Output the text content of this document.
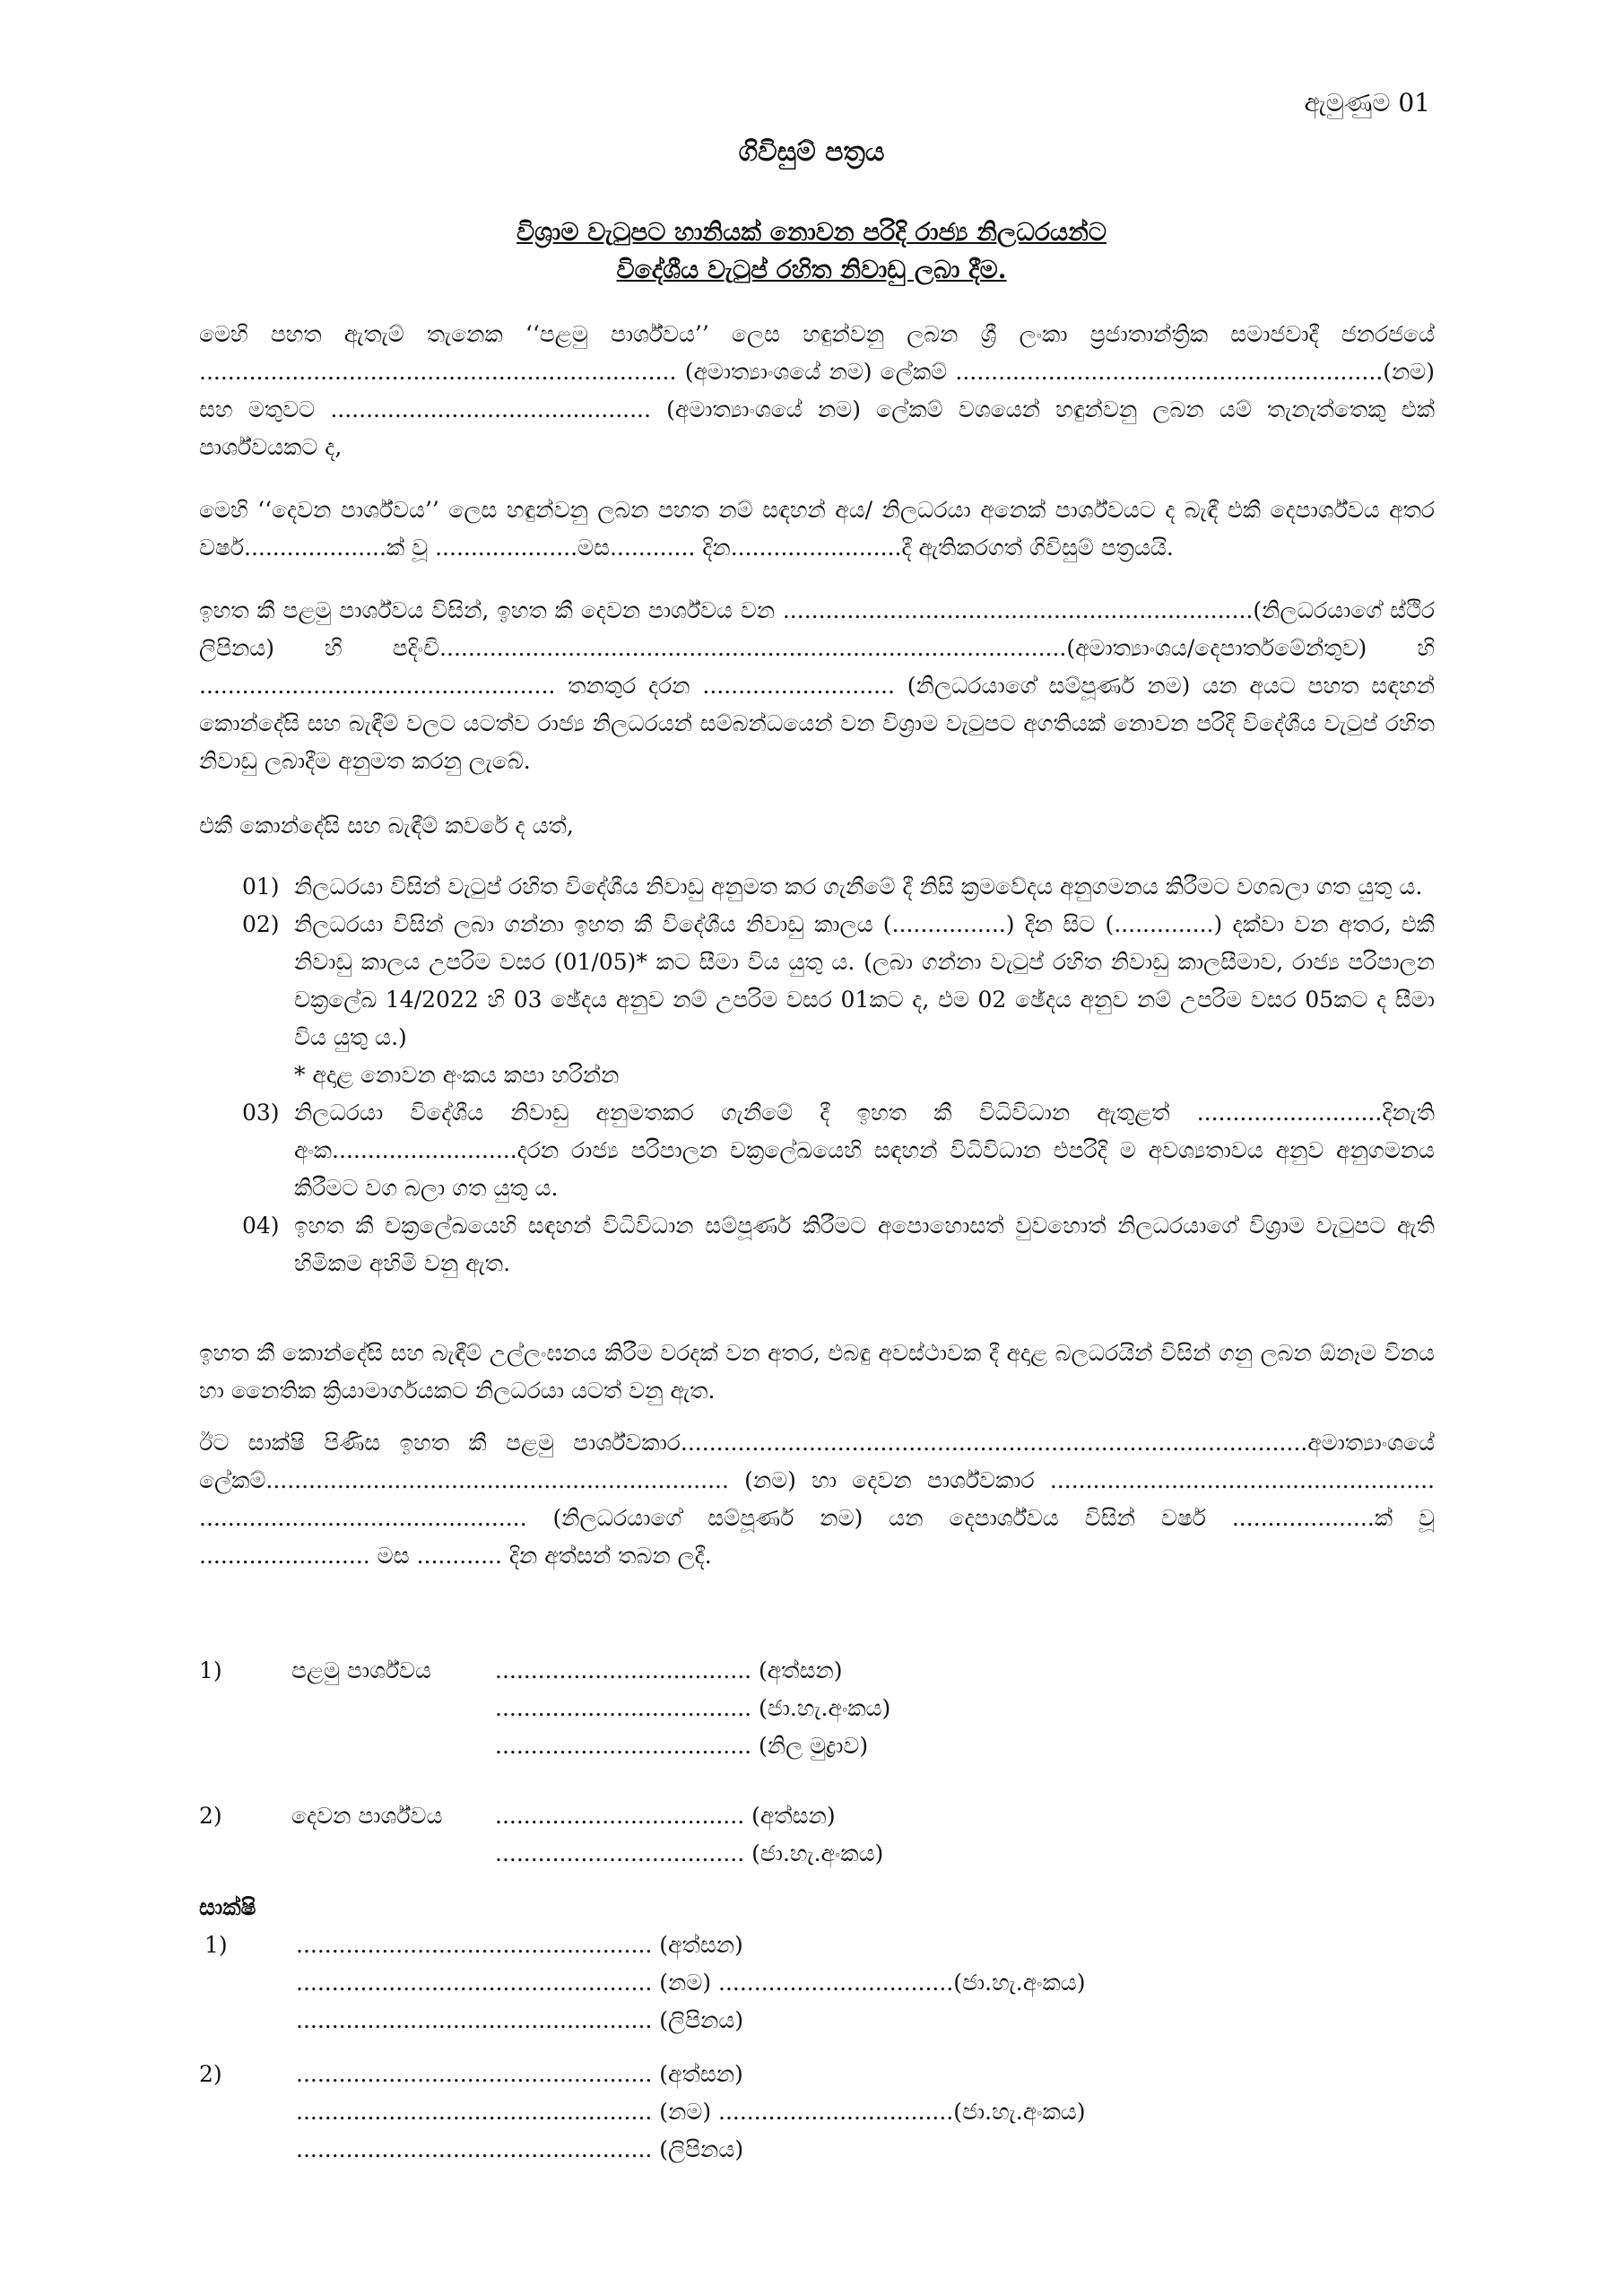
ඇමුණුම 01
ගිවිසුම් පත්‍රය
විශ්‍රාම වැටුපට හානියක් නොවන පරිදි රාජ්‍ය නිලධරයන්ට
විදේශීය වැටුප් රහිත නිවාඩු ලබා දීම.

මෙහි පහත ඇතැම් තැනෙක ‘‘පළමු පාර්ශ්වය’’ ලෙස හඳුන්වනු ලබන ශ්‍රී ලංකා ප්‍රජාතාන්ත්‍රික සමාජවාදී ජනරජයේ ................................................................... (අමාත්‍යාංශයේ නම) ලේකම් ............................................................(නම) සහ මතුවට ............................................. (අමාත්‍යාංශයේ නම) ලේකම් වශයෙන් හඳුන්වනු ලබන යම් තැනැත්තෙකු එක් පාර්ශ්වයකට ද,

මෙහි ‘‘දෙවන පාර්ශ්වය’’ ලෙස හඳුන්වනු ලබන පහත නම් සඳහන් අය/ නිලධරයා අනෙක් පාර්ශ්වයට ද බැඳී එකී දෙපාර්ශ්වය අතර වර්ෂ....................ක් වූ ....................මස............ දින........................දී ඇතිකරගත් ගිවිසුම් පත්‍රයයි.

ඉහත කී පළමු පාර්ශ්වය විසින්, ඉහත කී දෙවන පාර්ශ්වය වන ..................................................................(නිලධරයාගේ ස්ථිර ලිපිනය) හි පදිංචි........................................................................................(අමාත්‍යාංශය/දෙපාර්තමේන්තුව) හි .................................................. තනතුර දරන ........................... (නිලධරයාගේ සම්පූර්ණ නම) යන අයට පහත සඳහන් කොන්දේසි සහ බැඳීම් වලට යටත්ව රාජ්‍ය නිලධරයන් සම්බන්ධයෙන් වන විශ්‍රාම වැටුපට අගතියක් නොවන පරිදි විදේශීය වැටුප් රහිත නිවාඩු ලබාදීම අනුමත කරනු ලැබේ.

එකී කොන්දේසි සහ බැඳීම් කවරේ ද යත්,

01) නිලධරයා විසින් වැටුප් රහිත විදේශීය නිවාඩු අනුමත කර ගැනීමේ දී නිසි ක්‍රමවේදය අනුගමනය කිරීමට වගබලා ගත යුතු ය.
02) නිලධරයා විසින් ලබා ගන්නා ඉහත කී විදේශීය නිවාඩු කාලය (................) දින සිට (..............) දක්වා වන අතර, එකී නිවාඩු කාලය උපරිම වසර (01/05)* කට සීමා විය යුතු ය. (ලබා ගන්නා වැටුප් රහිත නිවාඩු කාලසීමාව, රාජ්‍ය පරිපාලන චක්‍රලේඛ 14/2022 හි 03 ඡේදය අනුව නම් උපරිම වසර 01කට ද, එම 02 ඡේදය අනුව නම් උපරිම වසර 05කට ද සීමා විය යුතු ය.)
* අදාළ නොවන අංකය කපා හරින්න
03) නිලධරයා විදේශීය නිවාඩු අනුමතකර ගැනීමේ දී ඉහත කී විධිවිධාන ඇතුළත් ..........................දිනැති අංක..........................දරන රාජ්‍ය පරිපාලන චක්‍රලේඛයෙහි සඳහන් විධිවිධාන එපරිදි ම අවශ්‍යතාවය අනුව අනුගමනය කිරීමට වග බලා ගත යුතු ය.
04) ඉහත කී චක්‍රලේඛයෙහි සඳහන් විධිවිධාන සම්පූර්ණ කිරීමට අපොහොසත් වුවහොත් නිලධරයාගේ විශ්‍රාම වැටුපට ඇති හිමිකම අහිමි වනු ඇත.

ඉහත කී කොන්දේසි සහ බැඳීම් උල්ලංඝනය කිරීම වරදක් වන අතර, එබඳු අවස්ථාවක දී අදාළ බලධරයින් විසින් ගනු ලබන ඕනෑම විනය හා නෛතික ක්‍රියාමාර්ගයකට නිලධරයා යටත් වනු ඇත.

ඊට සාක්ෂි පිණිස ඉහත කී පළමු පාර්ශ්වකාර........................................................................................අමාත්‍යාංශයේ ලේකම්................................................................. (නම) හා දෙවන පාර්ශ්වකාර ...................................................... .............................................. (නිලධරයාගේ සම්පූර්ණ නම) යන දෙපාර්ශ්වය විසින් වර්ෂ ....................ක් වූ ........................ මස ............ දින අත්සන් තබන ලදී.

1)	පළමු පාර්ශ්වය	.................................... (අත්සන)
.................................... (ජා.හැ.අංකය)
.................................... (නිල මුද්‍රාව)
2)	දෙවන පාර්ශ්වය ................................... (අත්සන)
................................... (ජා.හැ.අංකය)
සාක්ෂි
1)	.................................................. (අත්සන)
.................................................. (නම) .................................(ජා.හැ.අංකය)
.................................................. (ලිපිනය)
2)	.................................................. (අත්සන)
.................................................. (නම) .................................(ජා.හැ.අංකය)
.................................................. (ලිපිනය)
